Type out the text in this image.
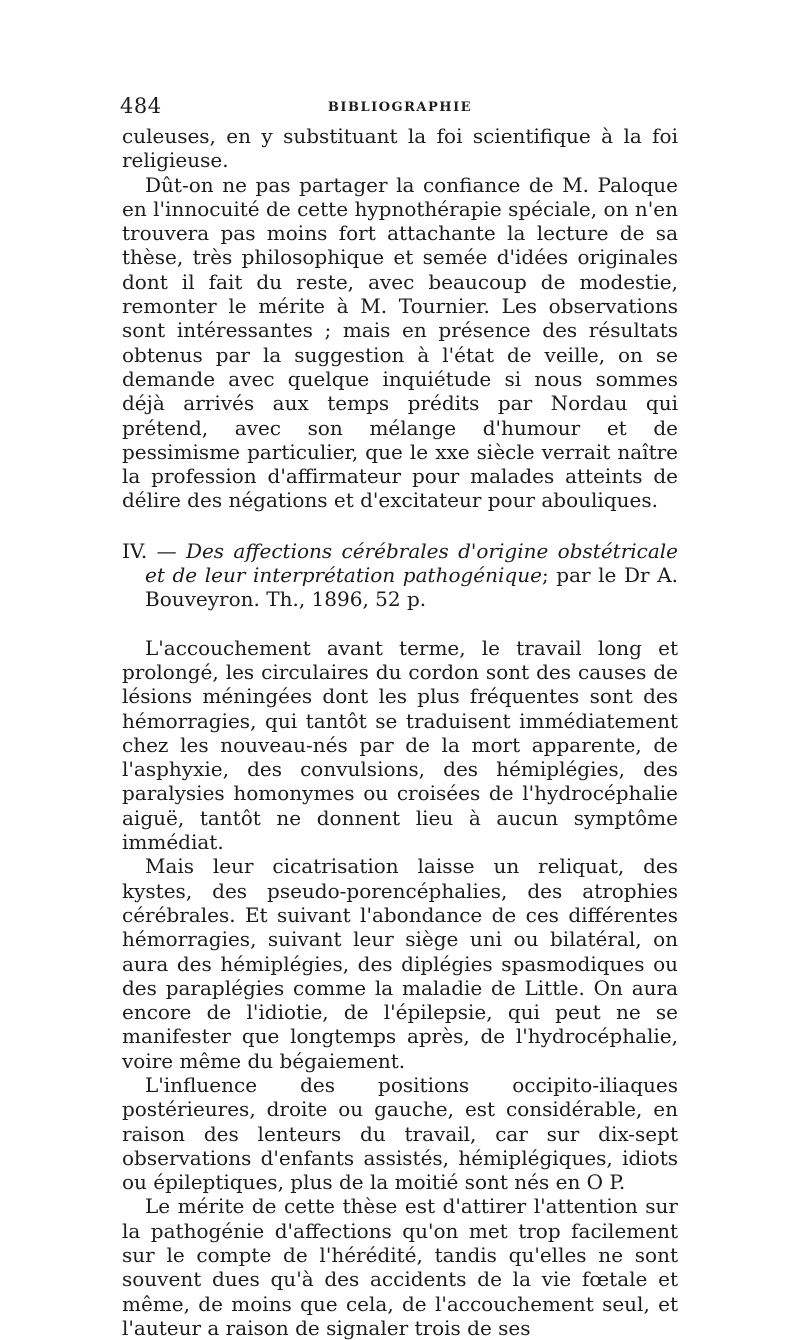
484	BIBLIOGRAPHIE

culeuses, en y substituant la foi scientifique à la foi religieuse.

Dût-on ne pas partager la confiance de M. Paloque en l'innocuité de cette hypnothérapie spéciale, on n'en trouvera pas moins fort attachante la lecture de sa thèse, très philosophique et semée d'idées originales dont il fait du reste, avec beaucoup de modestie, remonter le mérite à M. Tournier. Les observations sont intéressantes ; mais en présence des résultats obtenus par la suggestion à l'état de veille, on se demande avec quelque inquiétude si nous sommes déjà arrivés aux temps prédits par Nordau qui prétend, avec son mélange d'humour et de pessimisme particulier, que le xxe siècle verrait naître la profession d'affirmateur pour malades atteints de délire des négations et d'excitateur pour abouliques.

IV. — Des affections cérébrales d'origine obstétricale et de leur interprétation pathogénique; par le Dr A. Bouveyron. Th., 1896, 52 p.

L'accouchement avant terme, le travail long et prolongé, les circulaires du cordon sont des causes de lésions méningées dont les plus fréquentes sont des hémorragies, qui tantôt se traduisent immédiatement chez les nouveau-nés par de la mort apparente, de l'asphyxie, des convulsions, des hémiplégies, des paralysies homonymes ou croisées de l'hydrocéphalie aiguë, tantôt ne donnent lieu à aucun symptôme immédiat.

Mais leur cicatrisation laisse un reliquat, des kystes, des pseudo-porencéphalies, des atrophies cérébrales. Et suivant l'abondance de ces différentes hémorragies, suivant leur siège uni ou bilatéral, on aura des hémiplégies, des diplégies spasmodiques ou des paraplégies comme la maladie de Little. On aura encore de l'idiotie, de l'épilepsie, qui peut ne se manifester que longtemps après, de l'hydrocéphalie, voire même du bégaiement.

L'influence des positions occipito-iliaques postérieures, droite ou gauche, est considérable, en raison des lenteurs du travail, car sur dix-sept observations d'enfants assistés, hémiplégiques, idiots ou épileptiques, plus de la moitié sont nés en O P.

Le mérite de cette thèse est d'attirer l'attention sur la pathogénie d'affections qu'on met trop facilement sur le compte de l'hérédité, tandis qu'elles ne sont souvent dues qu'à des accidents de la vie fœtale et même, de moins que cela, de l'accouchement seul, et l'auteur a raison de signaler trois de ses
